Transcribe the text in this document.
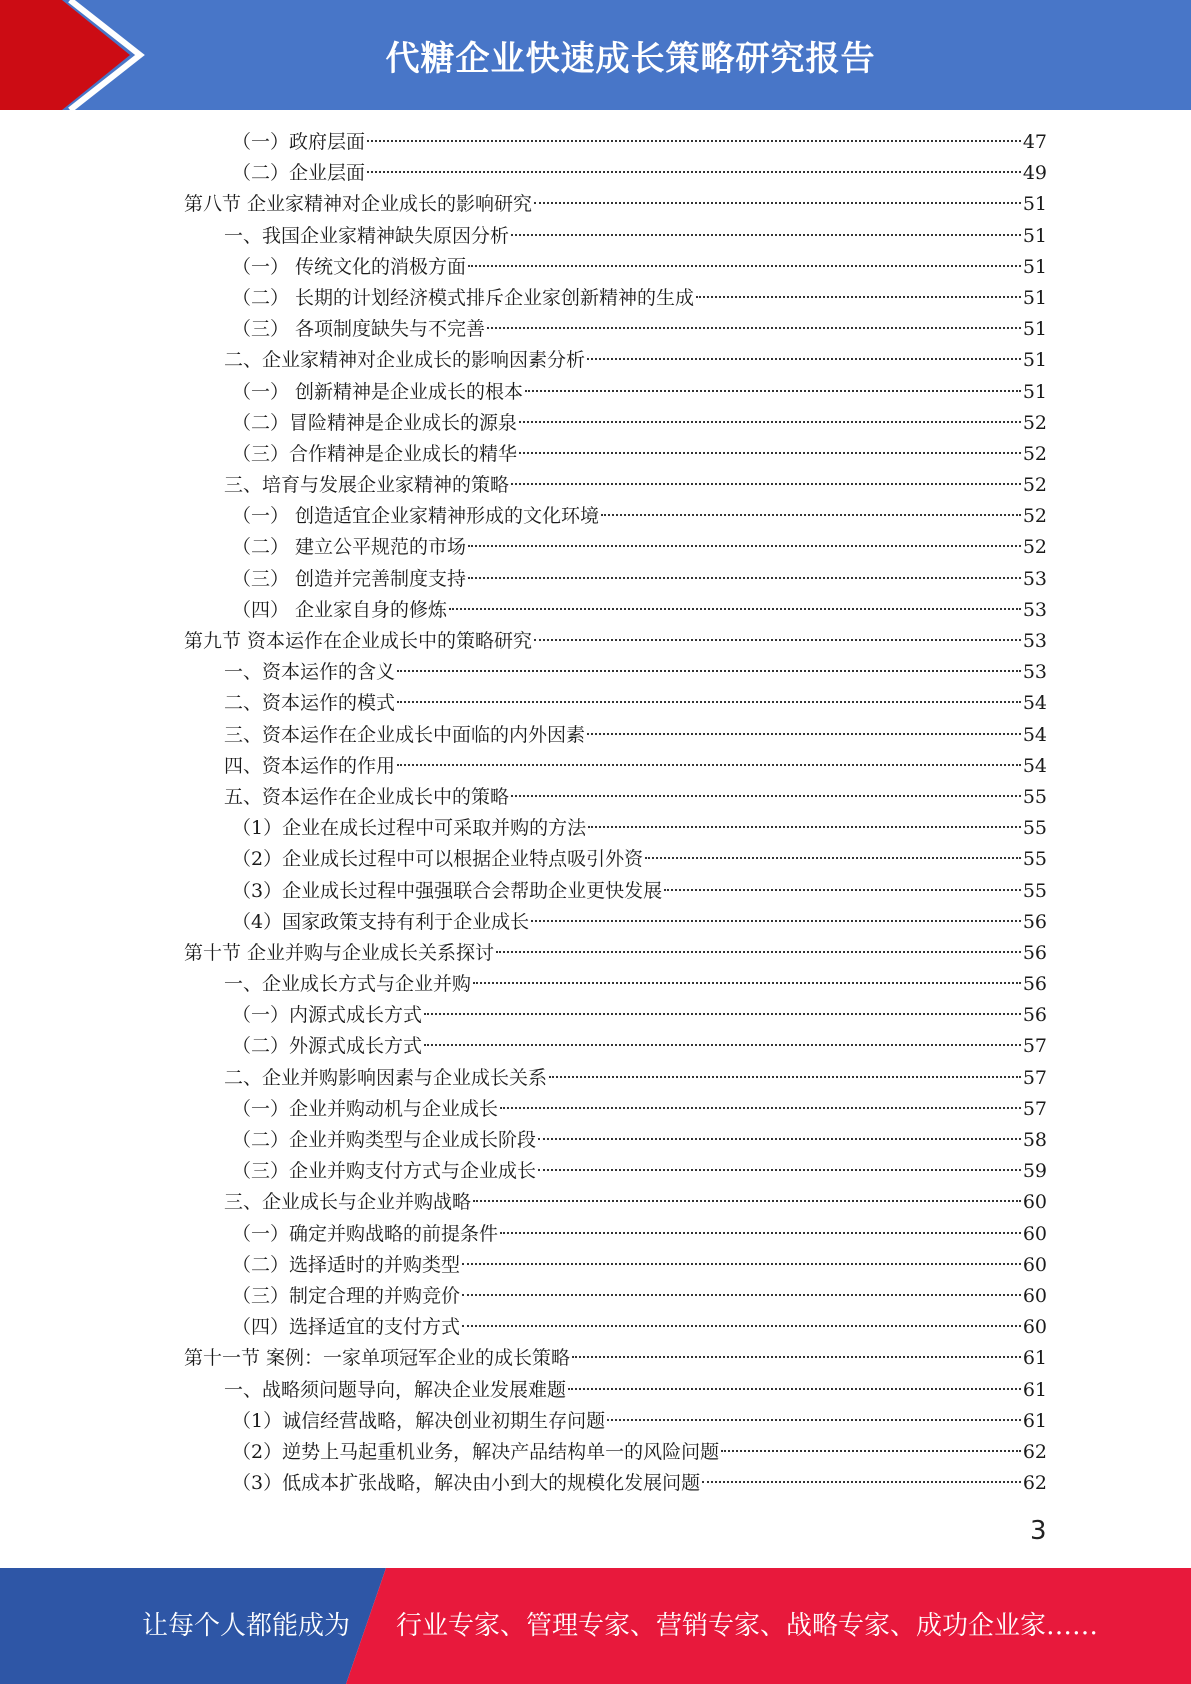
代糖企业快速成长策略研究报告
（一）政府层面	47
（二）企业层面	49
第八节 企业家精神对企业成长的影响研究	51
一、我国企业家精神缺失原因分析	51
（一） 传统文化的消极方面	51
（二） 长期的计划经济模式排斥企业家创新精神的生成	51
（三） 各项制度缺失与不完善	51
二、企业家精神对企业成长的影响因素分析	51
（一） 创新精神是企业成长的根本	51
（二）冒险精神是企业成长的源泉	52
（三）合作精神是企业成长的精华	52
三、培育与发展企业家精神的策略	52
（一） 创造适宜企业家精神形成的文化环境	52
（二） 建立公平规范的市场	52
（三） 创造并完善制度支持	53
（四） 企业家自身的修炼	53
第九节 资本运作在企业成长中的策略研究	53
一、资本运作的含义	53
二、资本运作的模式	54
三、资本运作在企业成长中面临的内外因素	54
四、资本运作的作用	54
五、资本运作在企业成长中的策略	55
（1）企业在成长过程中可采取并购的方法	55
（2）企业成长过程中可以根据企业特点吸引外资	55
（3）企业成长过程中强强联合会帮助企业更快发展	55
（4）国家政策支持有利于企业成长	56
第十节 企业并购与企业成长关系探讨	56
一、企业成长方式与企业并购	56
（一）内源式成长方式	56
（二）外源式成长方式	57
二、企业并购影响因素与企业成长关系	57
（一）企业并购动机与企业成长	57
（二）企业并购类型与企业成长阶段	58
（三）企业并购支付方式与企业成长	59
三、企业成长与企业并购战略	60
（一）确定并购战略的前提条件	60
（二）选择适时的并购类型	60
（三）制定合理的并购竞价	60
（四）选择适宜的支付方式	60
第十一节 案例：一家单项冠军企业的成长策略	61
一、战略须问题导向，解决企业发展难题	61
（1）诚信经营战略，解决创业初期生存问题	61
（2）逆势上马起重机业务，解决产品结构单一的风险问题	62
（3）低成本扩张战略，解决由小到大的规模化发展问题	62
3
让每个人都能成为 行业专家、管理专家、营销专家、战略专家、成功企业家……
